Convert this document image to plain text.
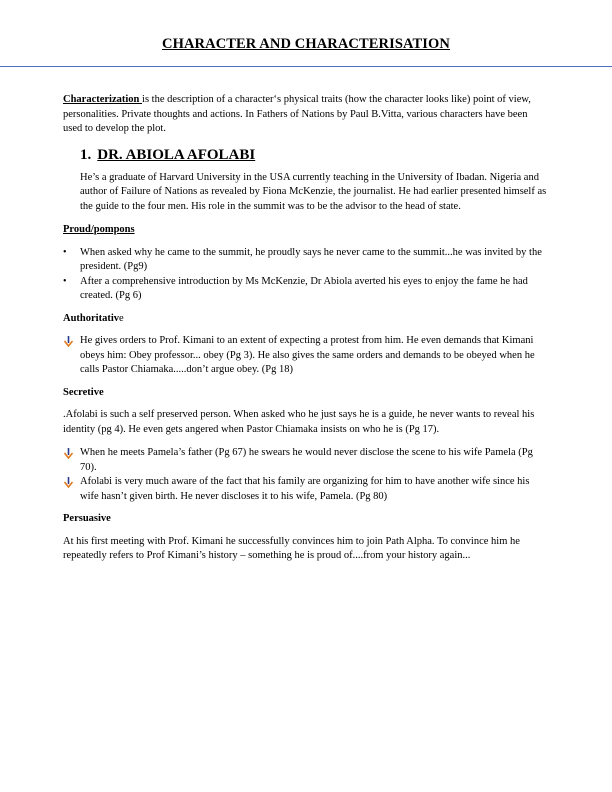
CHARACTER AND CHARACTERISATION

Characterization is the description of a character‘s physical traits (how the character looks like) point of view, personalities. Private thoughts and actions. In Fathers of Nations by Paul B.Vitta, various characters have been used to develop the plot.

1. DR. ABIOLA AFOLABI

He’s a graduate of Harvard University in the USA currently teaching in the University of Ibadan. Nigeria and author of Failure of Nations as revealed by Fiona McKenzie, the journalist. He had earlier presented himself as the guide to the four men. His role in the summit was to be the advisor to the head of state.

Proud/pompons

•	When asked why he came to the summit, he proudly says he never came to the summit...he was invited by the president. (Pg9)
•	After a comprehensive introduction by Ms McKenzie, Dr Abiola averted his eyes to enjoy the fame he had created. (Pg 6)

Authoritative

He gives orders to Prof. Kimani to an extent of expecting a protest from him. He even demands that Kimani obeys him: Obey professor... obey (Pg 3). He also gives the same orders and demands to be obeyed when he calls Pastor Chiamaka.....don’t argue obey. (Pg 18)

Secretive

.Afolabi is such a self preserved person. When asked who he just says he is a guide, he never wants to reveal his identity (pg 4). He even gets angered when Pastor Chiamaka insists on who he is (Pg 17).

When he meets Pamela’s father (Pg 67) he swears he would never disclose the scene to his wife Pamela (Pg 70).
Afolabi is very much aware of the fact that his family are organizing for him to have another wife since his wife hasn’t given birth. He never discloses it to his wife, Pamela. (Pg 80)

Persuasive

At his first meeting with Prof. Kimani he successfully convinces him to join Path Alpha. To convince him he repeatedly refers to Prof Kimani’s history – something he is proud of....from your history again...
